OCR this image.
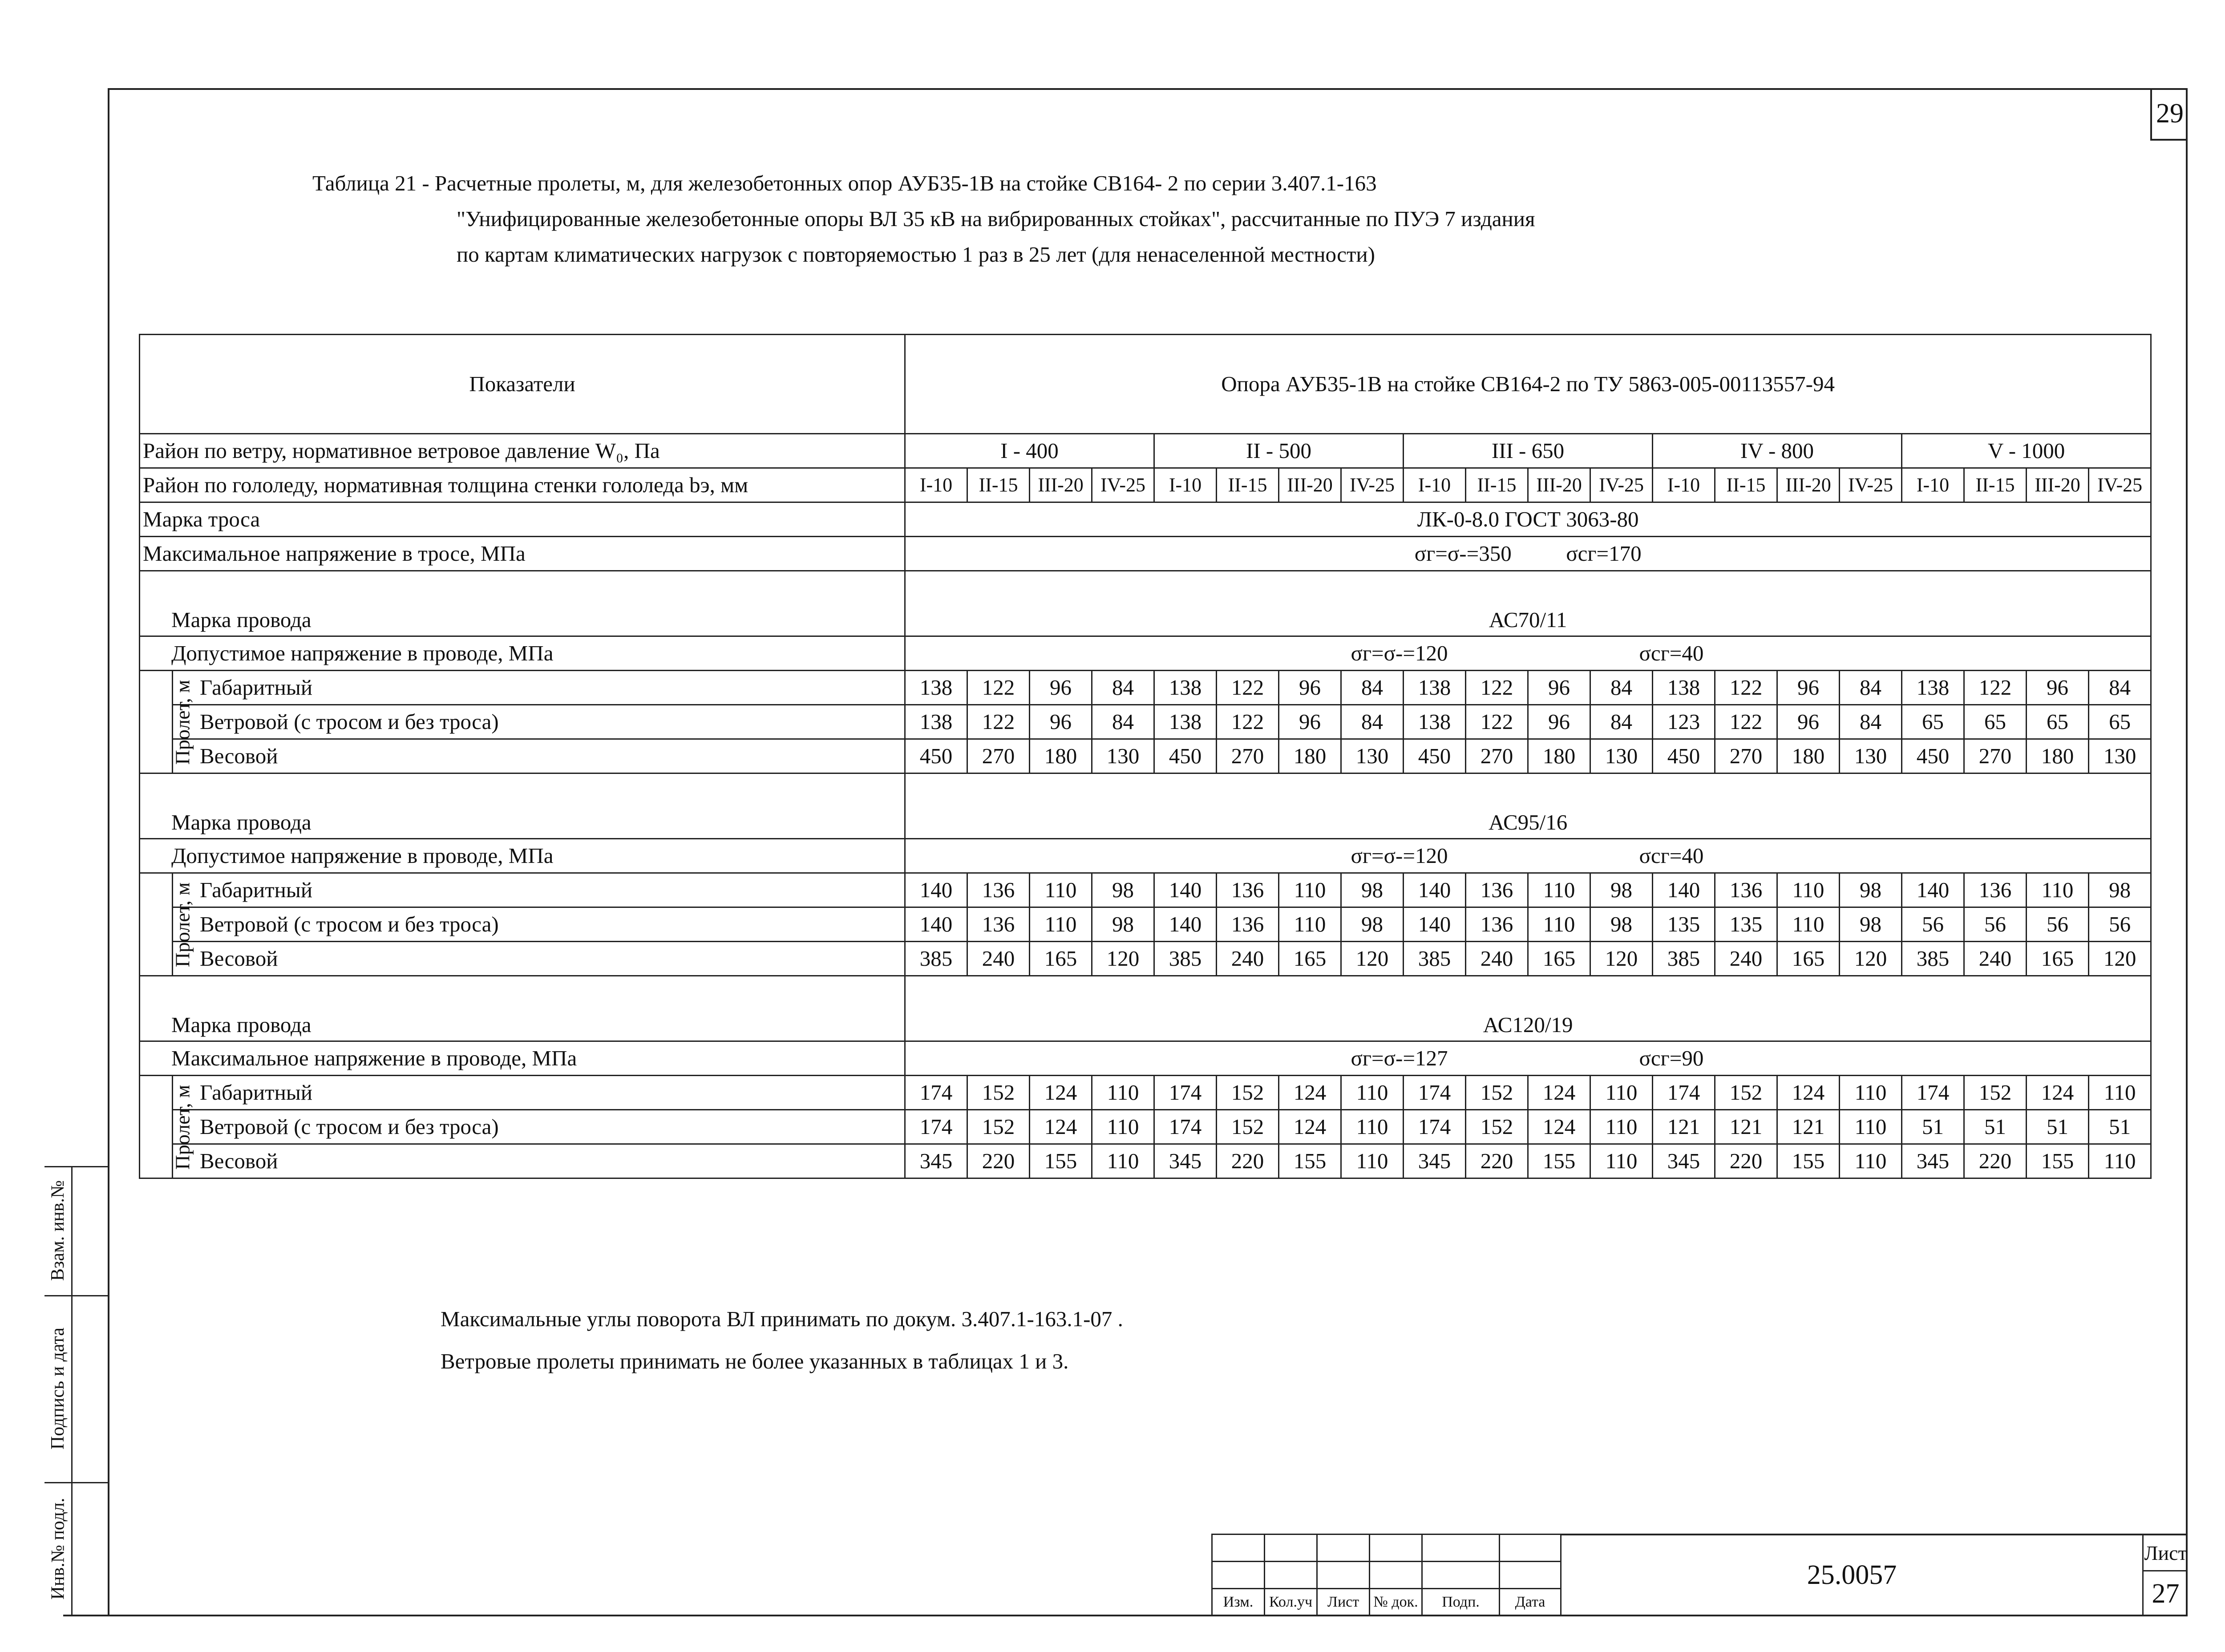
29
Таблица 21 - Расчетные пролеты, м, для железобетонных опор АУБ35-1В на стойке СВ164- 2 по серии 3.407.1-163
"Унифицированные железобетонные опоры ВЛ 35 кВ на вибрированных стойках", рассчитанные по ПУЭ 7 издания
по картам климатических нагрузок с повторяемостью 1 раз в 25 лет (для ненаселенной местности)
Показатели		Опора АУБ35-1В на стойке СВ164-2 по ТУ 5863-005-00113557-94																			
Район по ветру, нормативное ветровое давление W₀, Па		I - 400				II - 500				III - 650				IV - 800				V - 1000			
Район по гололеду, нормативная толщина стенки гололеда bэ, мм		I-10	II-15	III-20	IV-25	I-10	II-15	III-20	IV-25	I-10	II-15	III-20	IV-25	I-10	II-15	III-20	IV-25	I-10	II-15	III-20	IV-25
Марка троса		ЛК-0-8.0 ГОСТ 3063-80																			
Максимальное напряжение в тросе, МПа		σг=σ-=350          σсг=170																			
Марка провода		АС70/11																			
Допустимое напряжение в проводе, МПа		σг=σ-=120										σсг=40									
Пролет, м	Габаритный	138	122	96	84	138	122	96	84	138	122	96	84	138	122	96	84	138	122	96	84
	Ветровой (с тросом и без троса)	138	122	96	84	138	122	96	84	138	122	96	84	123	122	96	84	65	65	65	65
	Весовой	450	270	180	130	450	270	180	130	450	270	180	130	450	270	180	130	450	270	180	130
Марка провода		АС95/16																			
Допустимое напряжение в проводе, МПа		σг=σ-=120										σсг=40									
Пролет, м	Габаритный	140	136	110	98	140	136	110	98	140	136	110	98	140	136	110	98	140	136	110	98
	Ветровой (с тросом и без троса)	140	136	110	98	140	136	110	98	140	136	110	98	135	135	110	98	56	56	56	56
	Весовой	385	240	165	120	385	240	165	120	385	240	165	120	385	240	165	120	385	240	165	120
Марка провода		АС120/19																			
Максимальное напряжение в проводе, МПа		σг=σ-=127										σсг=90									
Пролет, м	Габаритный	174	152	124	110	174	152	124	110	174	152	124	110	174	152	124	110	174	152	124	110
	Ветровой (с тросом и без троса)	174	152	124	110	174	152	124	110	174	152	124	110	121	121	121	110	51	51	51	51
	Весовой	345	220	155	110	345	220	155	110	345	220	155	110	345	220	155	110	345	220	155	110
Максимальные углы поворота ВЛ принимать по докум. 3.407.1-163.1-07 .
Ветровые пролеты принимать не более указанных в таблицах 1 и 3.
Взам. инв.№
Подпись и дата
Инв.№ подл.

Изм.	Кол.уч	Лист	№ док.	Подп.	Дата
25.0057
Лист
27
